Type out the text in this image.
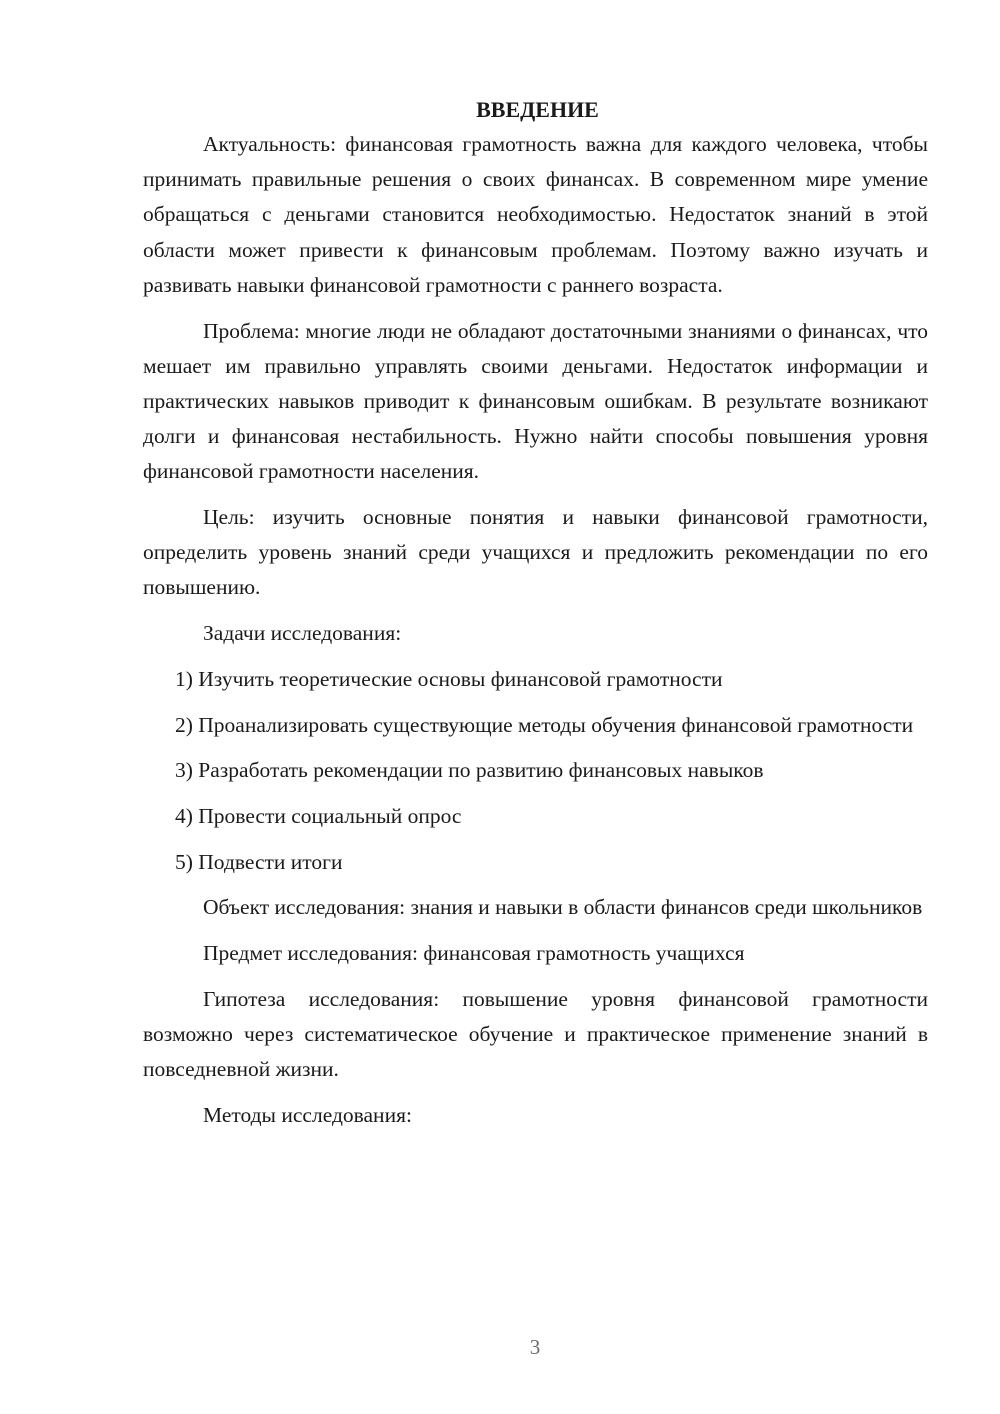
ВВЕДЕНИЕ

Актуальность: финансовая грамотность важна для каждого человека, чтобы принимать правильные решения о своих финансах. В современном мире умение обращаться с деньгами становится необходимостью. Недостаток знаний в этой области может привести к финансовым проблемам. Поэтому важно изучать и развивать навыки финансовой грамотности с раннего возраста.

Проблема: многие люди не обладают достаточными знаниями о финансах, что мешает им правильно управлять своими деньгами. Недостаток информации и практических навыков приводит к финансовым ошибкам. В результате возникают долги и финансовая нестабильность. Нужно найти способы повышения уровня финансовой грамотности населения.

Цель: изучить основные понятия и навыки финансовой грамотности, определить уровень знаний среди учащихся и предложить рекомендации по его повышению.

Задачи исследования:

1) Изучить теоретические основы финансовой грамотности

2) Проанализировать существующие методы обучения финансовой грамотности

3) Разработать рекомендации по развитию финансовых навыков

4) Провести социальный опрос

5) Подвести итоги

Объект исследования: знания и навыки в области финансов среди школьников

Предмет исследования: финансовая грамотность учащихся

Гипотеза исследования: повышение уровня финансовой грамотности возможно через систематическое обучение и практическое применение знаний в повседневной жизни.

Методы исследования:

3
